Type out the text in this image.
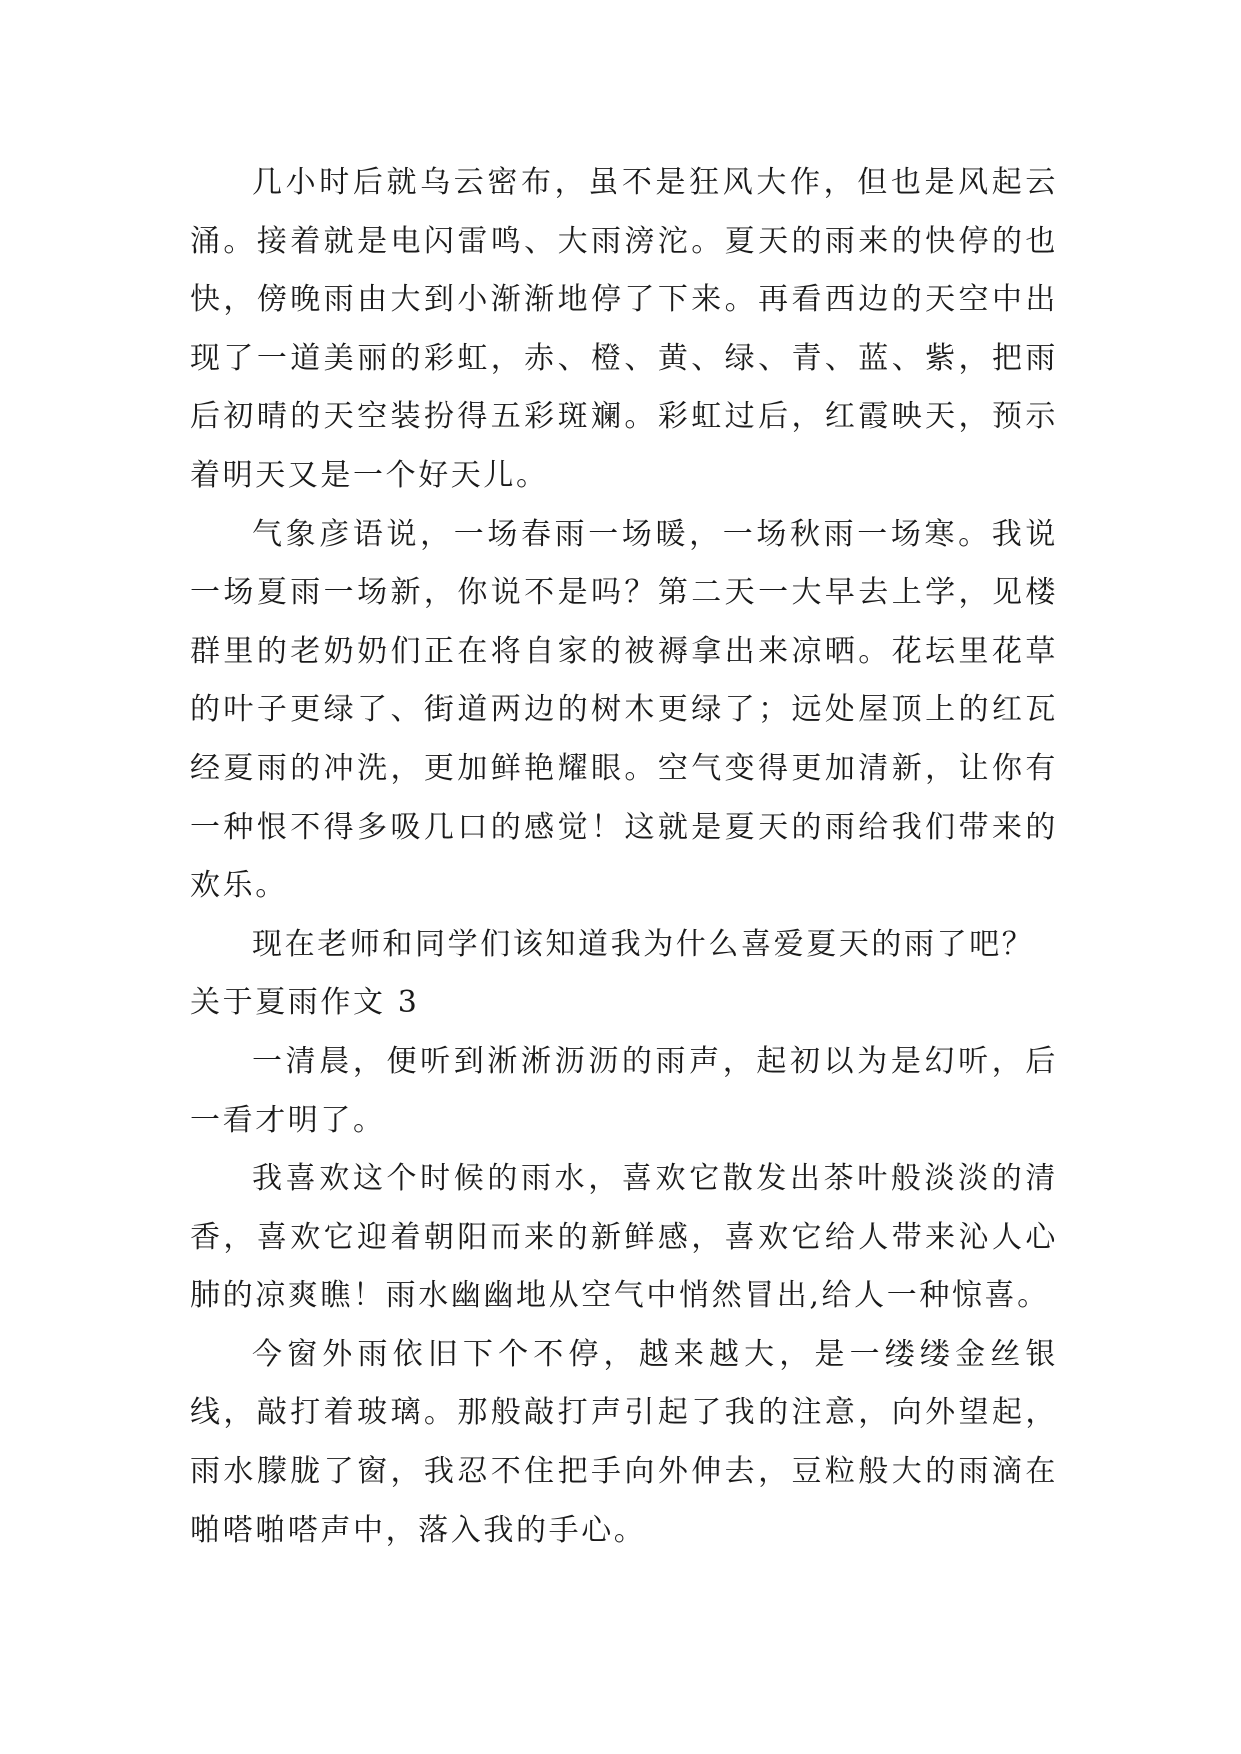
几小时后就乌云密布，虽不是狂风大作，但也是风起云涌。接着就是电闪雷鸣、大雨滂沱。夏天的雨来的快停的也快，傍晚雨由大到小渐渐地停了下来。再看西边的天空中出现了一道美丽的彩虹，赤、橙、黄、绿、青、蓝、紫，把雨后初晴的天空装扮得五彩斑斓。彩虹过后，红霞映天，预示着明天又是一个好天儿。

气象彦语说，一场春雨一场暖，一场秋雨一场寒。我说一场夏雨一场新，你说不是吗？第二天一大早去上学，见楼群里的老奶奶们正在将自家的被褥拿出来凉晒。花坛里花草的叶子更绿了、街道两边的树木更绿了；远处屋顶上的红瓦经夏雨的冲洗，更加鲜艳耀眼。空气变得更加清新，让你有一种恨不得多吸几口的感觉！这就是夏天的雨给我们带来的欢乐。

现在老师和同学们该知道我为什么喜爱夏天的雨了吧？

关于夏雨作文 3

一清晨，便听到淅淅沥沥的雨声，起初以为是幻听，后一看才明了。

我喜欢这个时候的雨水，喜欢它散发出茶叶般淡淡的清香，喜欢它迎着朝阳而来的新鲜感，喜欢它给人带来沁人心肺的凉爽瞧！雨水幽幽地从空气中悄然冒出,给人一种惊喜。

今窗外雨依旧下个不停，越来越大，是一缕缕金丝银线，敲打着玻璃。那般敲打声引起了我的注意，向外望起，雨水朦胧了窗，我忍不住把手向外伸去，豆粒般大的雨滴在啪嗒啪嗒声中，落入我的手心。
